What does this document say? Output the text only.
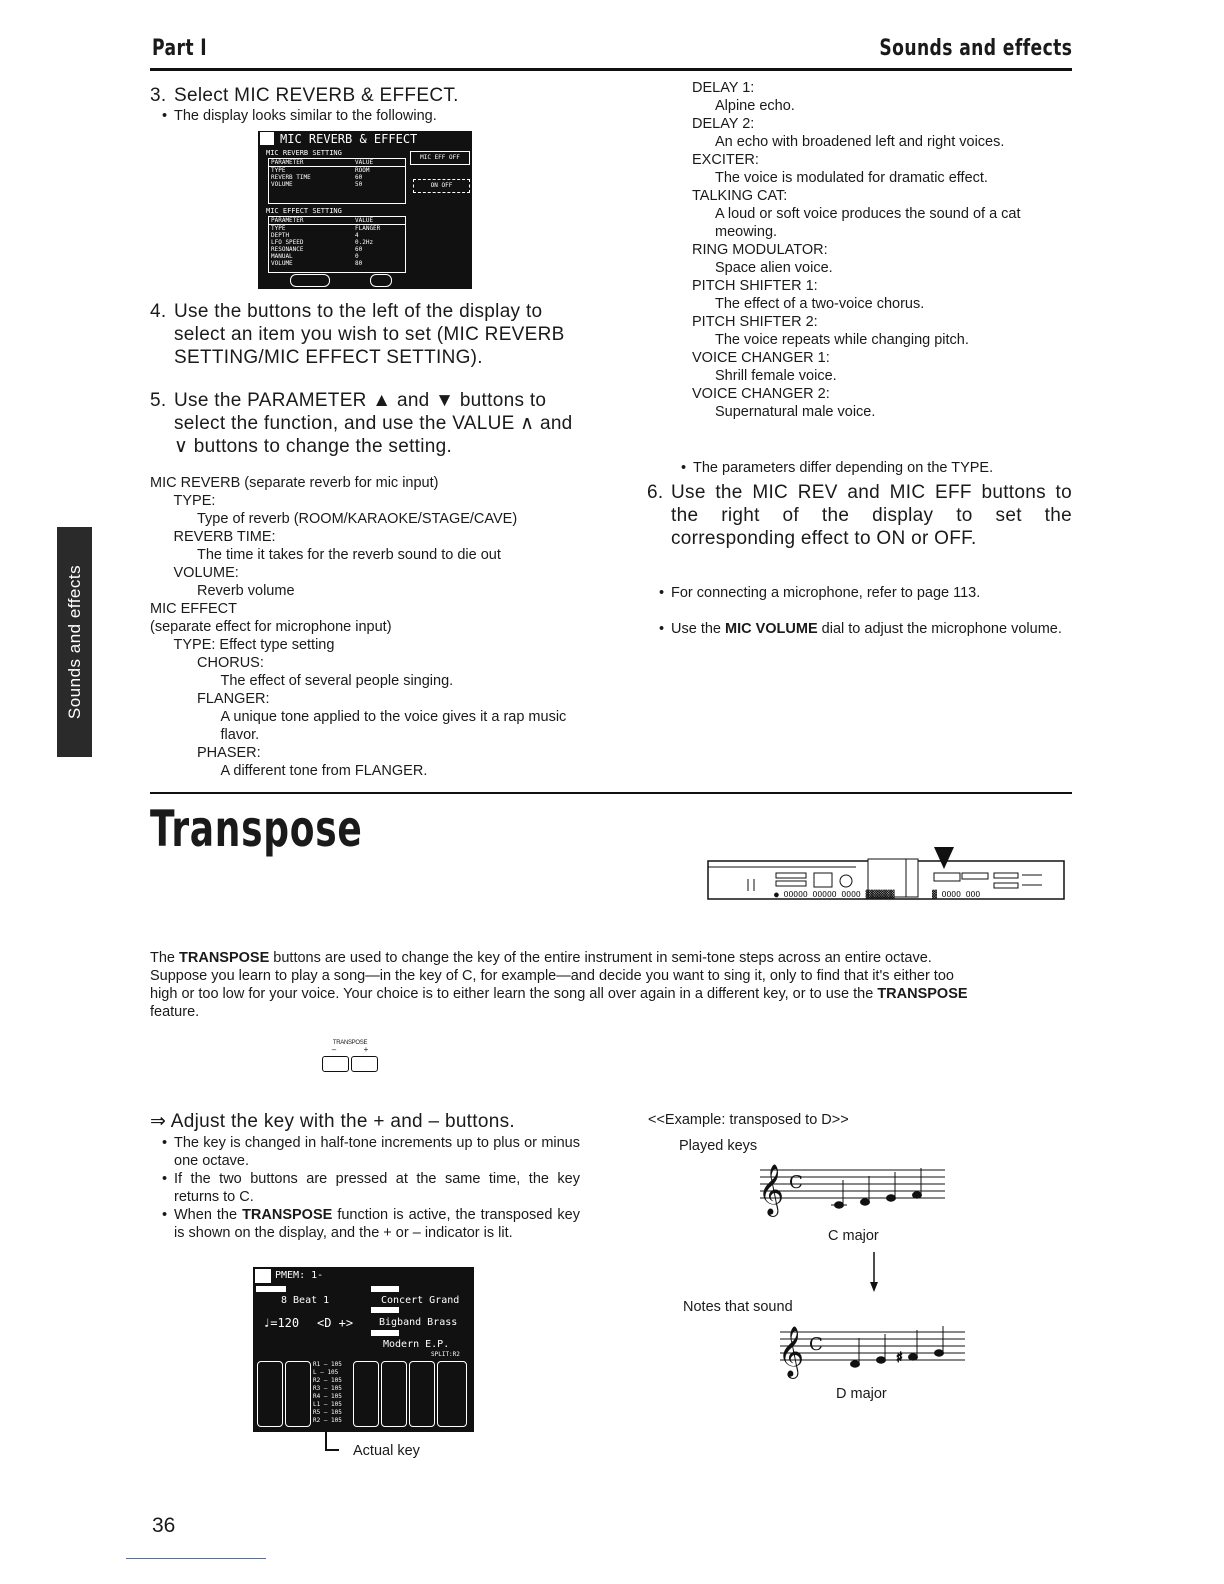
Part I	Sounds and effects
Sounds and effects
3. Select MIC REVERB & EFFECT.
• The display looks similar to the following.
MIC REVERB & EFFECT
MIC REVERB SETTING
MIC EFF OFF
ON OFF
PARAMETER	VALUE
TYPE	ROOM
REVERB TIME	60
VOLUME	50
MIC EFFECT SETTING
PARAMETER	VALUE
TYPE	FLANGER
DEPTH	4
LFO SPEED	0.2Hz
RESONANCE	60
MANUAL	0
VOLUME	80
4. Use the buttons to the left of the display to select an item you wish to set (MIC REVERB SETTING/MIC EFFECT SETTING).
5. Use the PARAMETER ▲ and ▼ buttons to select the function, and use the VALUE ∧ and ∨ buttons to change the setting.
MIC REVERB (separate reverb for mic input)
TYPE:
Type of reverb (ROOM/KARAOKE/STAGE/CAVE)
REVERB TIME:
The time it takes for the reverb sound to die out
VOLUME:
Reverb volume
MIC EFFECT
(separate effect for microphone input)
TYPE: Effect type setting
CHORUS:
The effect of several people singing.
FLANGER:
A unique tone applied to the voice gives it a rap music
flavor.
PHASER:
A different tone from FLANGER.
DELAY 1:
Alpine echo.
DELAY 2:
An echo with broadened left and right voices.
EXCITER:
The voice is modulated for dramatic effect.
TALKING CAT:
A loud or soft voice produces the sound of a cat
meowing.
RING MODULATOR:
Space alien voice.
PITCH SHIFTER 1:
The effect of a two-voice chorus.
PITCH SHIFTER 2:
The voice repeats while changing pitch.
VOICE CHANGER 1:
Shrill female voice.
VOICE CHANGER 2:
Supernatural male voice.
• The parameters differ depending on the TYPE.
6. Use the MIC REV and MIC EFF buttons to the right of the display to set the corresponding effect to ON or OFF.
• For connecting a microphone, refer to page 113.
• Use the MIC VOLUME dial to adjust the microphone volume.
Transpose
● OOOOO OOOOO OOOO ▓▓▓▓▓▓	▓ OOOO OOO
The TRANSPOSE buttons are used to change the key of the entire instrument in semi-tone steps across an entire octave.
Suppose you learn to play a song—in the key of C, for example—and decide you want to sing it, only to find that it's either too
high or too low for your voice. Your choice is to either learn the song all over again in a different key, or to use the TRANSPOSE
feature.
TRANSPOSE
–	+
⇒ Adjust the key with the + and – buttons.
• The key is changed in half-tone increments up to plus or minus one octave.
• If the two buttons are pressed at the same time, the key returns to C.
• When the TRANSPOSE function is active, the transposed key is shown on the display, and the + or – indicator is lit.
PMEM: 1-
8 Beat 1	Concert Grand
♩=120 <D +>	Bigband Brass
Modern E.P.
SPLIT:R2
R1 — 105
L — 105
R2 — 105
R3 — 105
R4 — 105
L1 — 105
R5 — 105
R2 — 105
Actual key
<<Example: transposed to D>>
Played keys
𝄞 C
C major
Notes that sound
𝄞 C
♯
D major
36
